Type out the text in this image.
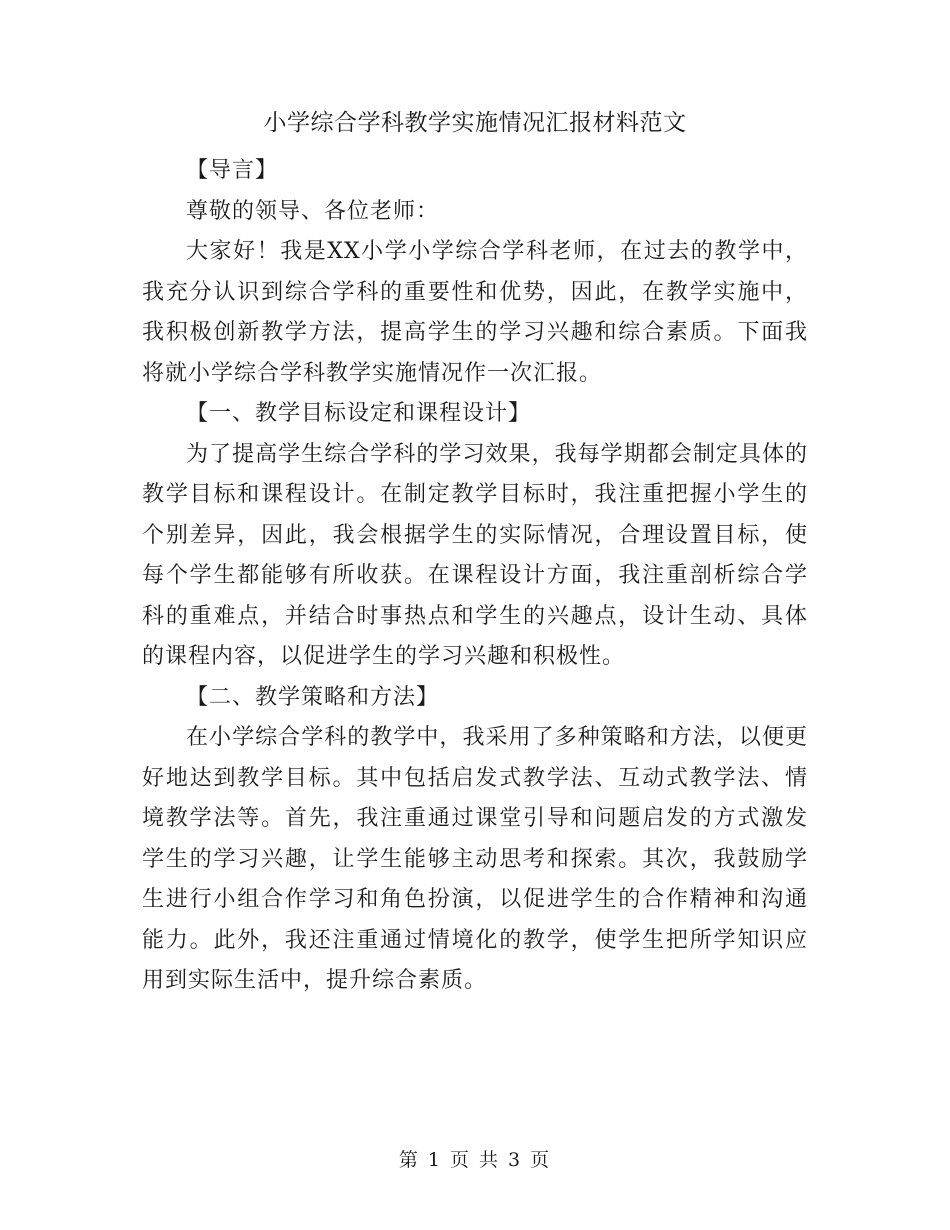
小学综合学科教学实施情况汇报材料范文

【导言】

尊敬的领导、各位老师：

大家好！我是XX小学小学综合学科老师，在过去的教学中，我充分认识到综合学科的重要性和优势，因此，在教学实施中，我积极创新教学方法，提高学生的学习兴趣和综合素质。下面我将就小学综合学科教学实施情况作一次汇报。

【一、教学目标设定和课程设计】

为了提高学生综合学科的学习效果，我每学期都会制定具体的教学目标和课程设计。在制定教学目标时，我注重把握小学生的个别差异，因此，我会根据学生的实际情况，合理设置目标，使每个学生都能够有所收获。在课程设计方面，我注重剖析综合学科的重难点，并结合时事热点和学生的兴趣点，设计生动、具体的课程内容，以促进学生的学习兴趣和积极性。

【二、教学策略和方法】

在小学综合学科的教学中，我采用了多种策略和方法，以便更好地达到教学目标。其中包括启发式教学法、互动式教学法、情境教学法等。首先，我注重通过课堂引导和问题启发的方式激发学生的学习兴趣，让学生能够主动思考和探索。其次，我鼓励学生进行小组合作学习和角色扮演，以促进学生的合作精神和沟通能力。此外，我还注重通过情境化的教学，使学生把所学知识应用到实际生活中，提升综合素质。

第 1 页 共 3 页
